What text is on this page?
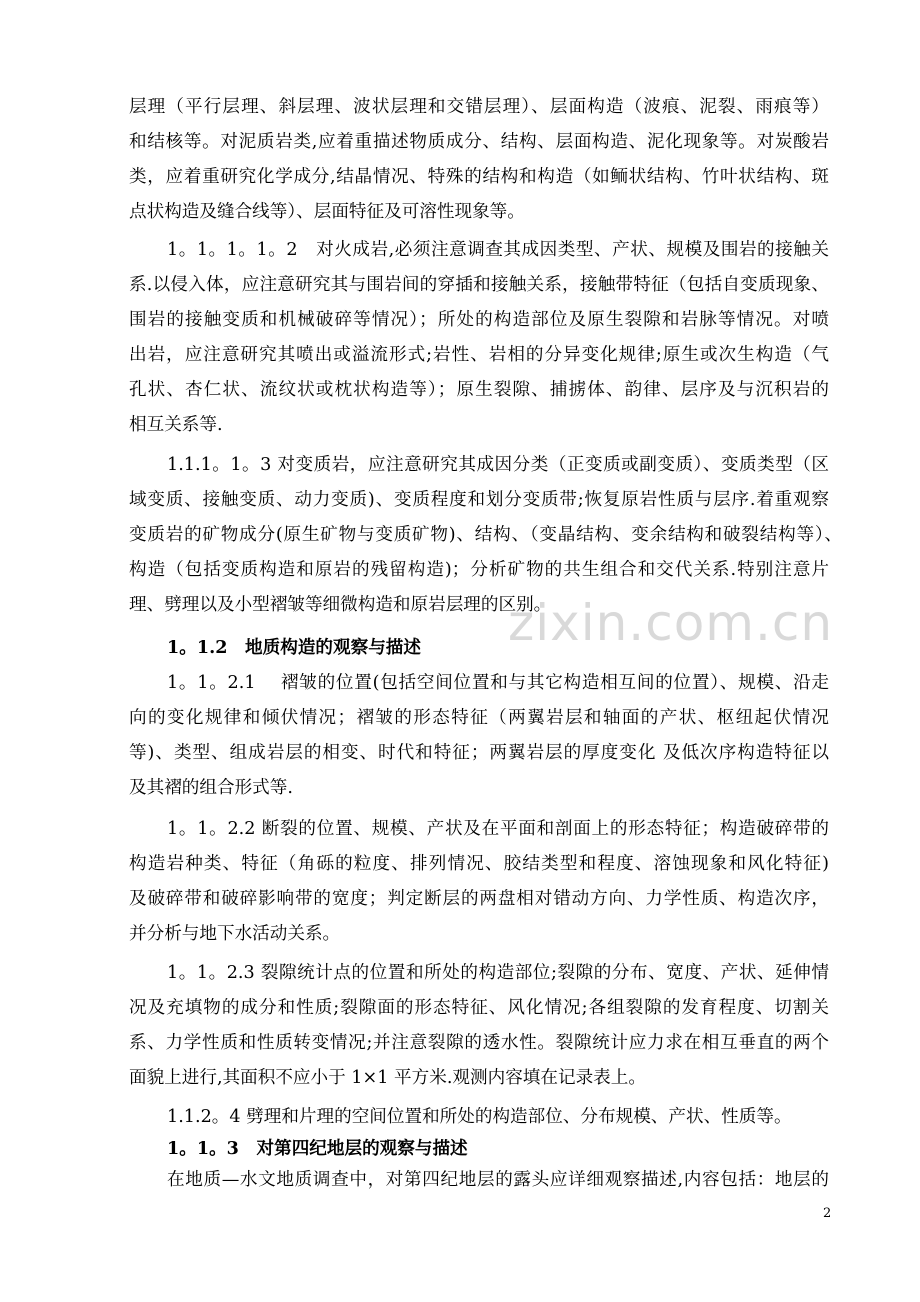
层理（平行层理、斜层理、波状层理和交错层理）、层面构造（波痕、泥裂、雨痕等）
和结核等。对泥质岩类,应着重描述物质成分、结构、层面构造、泥化现象等。对炭酸岩
类，应着重研究化学成分,结晶情况、特殊的结构和构造（如鲕状结构、竹叶状结构、斑
点状构造及缝合线等）、层面特征及可溶性现象等。
1。1。1。1。2　对火成岩,必须注意调查其成因类型、产状、规模及围岩的接触关
系.以侵入体，应注意研究其与围岩间的穿插和接触关系，接触带特征（包括自变质现象、
围岩的接触变质和机械破碎等情况）；所处的构造部位及原生裂隙和岩脉等情况。对喷
出岩，应注意研究其喷出或溢流形式;岩性、岩相的分异变化规律;原生或次生构造（气
孔状、杏仁状、流纹状或枕状构造等）；原生裂隙、捕掳体、韵律、层序及与沉积岩的
相互关系等.
1.1.1。1。3 对变质岩，应注意研究其成因分类（正变质或副变质）、变质类型（区
域变质、接触变质、动力变质)、变质程度和划分变质带;恢复原岩性质与层序.着重观察
变质岩的矿物成分(原生矿物与变质矿物)、结构、（变晶结构、变余结构和破裂结构等）、
构造（包括变质构造和原岩的残留构造)；分析矿物的共生组合和交代关系.特别注意片
理、劈理以及小型褶皱等细微构造和原岩层理的区别。
1。1.2　地质构造的观察与描述
1。1。2.1　 褶皱的位置(包括空间位置和与其它构造相互间的位置）、规模、沿走
向的变化规律和倾伏情况；褶皱的形态特征（两翼岩层和轴面的产状、枢纽起伏情况
等)、类型、组成岩层的相变、时代和特征；两翼岩层的厚度变化 及低次序构造特征以
及其褶的组合形式等.
1。1。2.2 断裂的位置、规模、产状及在平面和剖面上的形态特征；构造破碎带的
构造岩种类、特征（角砾的粒度、排列情况、胶结类型和程度、溶蚀现象和风化特征)
及破碎带和破碎影响带的宽度；判定断层的两盘相对错动方向、力学性质、构造次序，
并分析与地下水活动关系。
1。1。2.3 裂隙统计点的位置和所处的构造部位;裂隙的分布、宽度、产状、延伸情
况及充填物的成分和性质;裂隙面的形态特征、风化情况;各组裂隙的发育程度、切割关
系、力学性质和性质转变情况;并注意裂隙的透水性。裂隙统计应力求在相互垂直的两个
面貌上进行,其面积不应小于 1×1 平方米.观测内容填在记录表上。
1.1.2。4 劈理和片理的空间位置和所处的构造部位、分布规模、产状、性质等。
1。1。3　对第四纪地层的观察与描述
在地质—水文地质调查中，对第四纪地层的露头应详细观察描述,内容包括：地层的
zixin.com.cn
2
